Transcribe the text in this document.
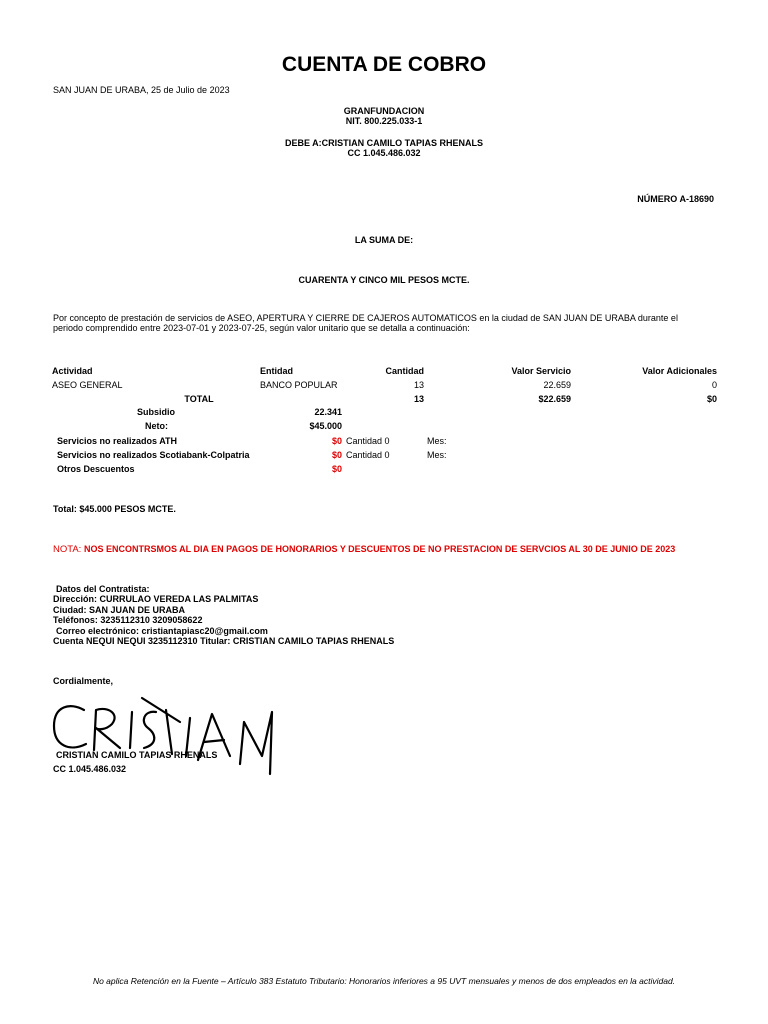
CUENTA DE COBRO
SAN JUAN DE URABA, 25 de Julio de 2023
GRANFUNDACION
NIT. 800.225.033-1
DEBE A:CRISTIAN CAMILO TAPIAS RHENALS
CC 1.045.486.032
NÚMERO A-18690
LA SUMA DE:
CUARENTA Y CINCO MIL PESOS MCTE.
Por concepto de prestación de servicios de ASEO, APERTURA Y CIERRE DE CAJEROS AUTOMATICOS en la ciudad de SAN JUAN DE URABA durante el
periodo comprendido entre 2023-07-01 y 2023-07-25, según valor unitario que se detalla a continuación:
Actividad	Entidad	Cantidad	Valor Servicio	Valor Adicionales
ASEO GENERAL	BANCO POPULAR	13	22.659	0
TOTAL		13	$22.659	$0
Subsidio	22.341
Neto:	$45.000
Servicios no realizados ATH	$0 Cantidad 0	Mes:
Servicios no realizados Scotiabank-Colpatria	$0 Cantidad 0	Mes:
Otros Descuentos	$0
Total: $45.000 PESOS MCTE.
NOTA: NOS ENCONTRSMOS AL DIA EN PAGOS DE HONORARIOS Y DESCUENTOS DE NO PRESTACION DE SERVCIOS AL 30 DE JUNIO DE 2023
Datos del Contratista:
Dirección: CURRULAO VEREDA LAS PALMITAS
Ciudad: SAN JUAN DE URABA
Teléfonos: 3235112310 3209058622
Correo electrónico: cristiantapiasc20@gmail.com
Cuenta NEQUI NEQUI 3235112310 Titular: CRISTIAN CAMILO TAPIAS RHENALS
Cordialmente,
CRISTIAN CAMILO TAPIAS RHENALS
CC 1.045.486.032
No aplica Retención en la Fuente – Artículo 383 Estatuto Tributario: Honorarios inferiores a 95 UVT mensuales y menos de dos empleados en la actividad.
